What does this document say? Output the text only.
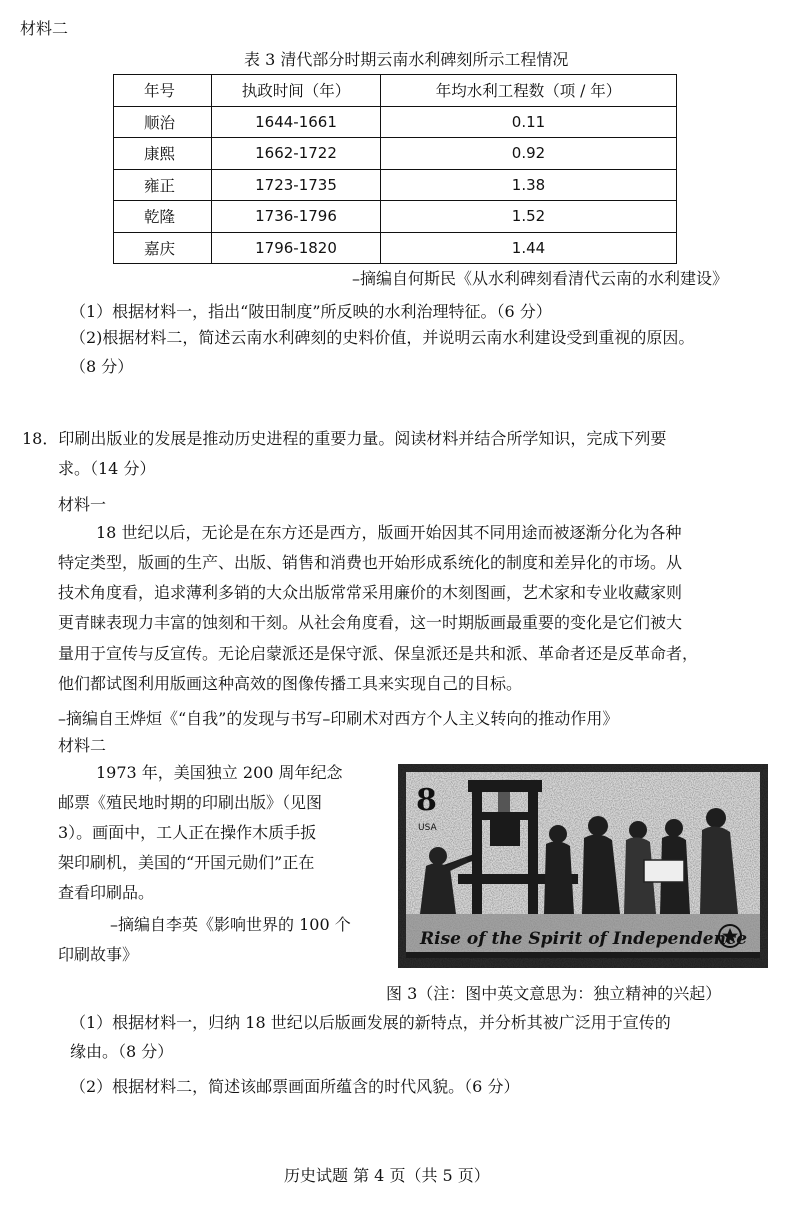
材料二
表 3 清代部分时期云南水利碑刻所示工程情况
年号	执政时间（年）	年均水利工程数（项 / 年）
顺治	1644-1661	0.11
康熙	1662-1722	0.92
雍正	1723-1735	1.38
乾隆	1736-1796	1.52
嘉庆	1796-1820	1.44
–摘编自何斯民《从水利碑刻看清代云南的水利建设》
（1）根据材料一，指出“陂田制度”所反映的水利治理特征。（6 分）
（2)根据材料二，简述云南水利碑刻的史料价值，并说明云南水利建设受到重视的原因。
（8 分）
18．印刷出版业的发展是推动历史进程的重要力量。阅读材料并结合所学知识，完成下列要
求。（14 分）
材料一
18 世纪以后，无论是在东方还是西方，版画开始因其不同用途而被逐渐分化为各种
特定类型，版画的生产、出版、销售和消费也开始形成系统化的制度和差异化的市场。从
技术角度看，追求薄利多销的大众出版常常采用廉价的木刻图画，艺术家和专业收藏家则
更青睐表现力丰富的蚀刻和干刻。从社会角度看，这一时期版画最重要的变化是它们被大
量用于宣传与反宣传。无论启蒙派还是保守派、保皇派还是共和派、革命者还是反革命者，
他们都试图利用版画这种高效的图像传播工具来实现自己的目标。
–摘编自王烨烜《“自我”的发现与书写–印刷术对西方个人主义转向的推动作用》
材料二
1973 年，美国独立 200 周年纪念
邮票《殖民地时期的印刷出版》（见图
3）。画面中，工人正在操作木质手扳
架印刷机，美国的“开国元勋们”正在
查看印刷品。
–摘编自李英《影响世界的 100 个
印刷故事》
8
USA
Rise of the Spirit of Independence
图 3（注：图中英文意思为：独立精神的兴起）
（1）根据材料一，归纳 18 世纪以后版画发展的新特点，并分析其被广泛用于宣传的
缘由。（8 分）
（2）根据材料二，简述该邮票画面所蕴含的时代风貌。（6 分）
历史试题 第 4 页（共 5 页）
